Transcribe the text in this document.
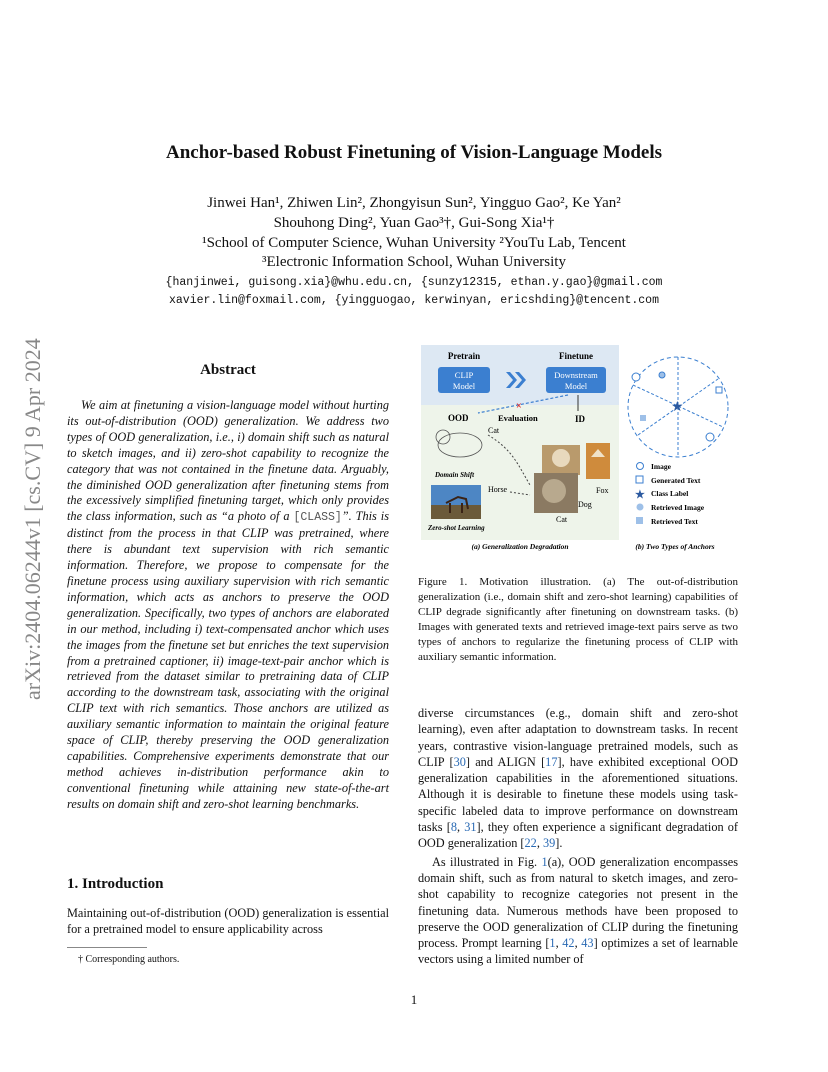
arXiv:2404.06244v1 [cs.CV] 9 Apr 2024
Anchor-based Robust Finetuning of Vision-Language Models
Jinwei Han¹, Zhiwen Lin², Zhongyisun Sun², Yingguo Gao², Ke Yan²
Shouhong Ding², Yuan Gao³†, Gui-Song Xia¹†
¹School of Computer Science, Wuhan University ²YouTu Lab, Tencent
³Electronic Information School, Wuhan University
{hanjinwei, guisong.xia}@whu.edu.cn, {sunzy12315, ethan.y.gao}@gmail.com
xavier.lin@foxmail.com, {yingguogao, kerwinyan, ericshding}@tencent.com
Abstract
We aim at finetuning a vision-language model without hurting its out-of-distribution (OOD) generalization. We address two types of OOD generalization, i.e., i) domain shift such as natural to sketch images, and ii) zero-shot capability to recognize the category that was not contained in the finetune data. Arguably, the diminished OOD generalization after finetuning stems from the excessively simplified finetuning target, which only provides the class information, such as “a photo of a [CLASS]”. This is distinct from the process in that CLIP was pretrained, where there is abundant text supervision with rich semantic information. Therefore, we propose to compensate for the finetune process using auxiliary supervision with rich semantic information, which acts as anchors to preserve the OOD generalization. Specifically, two types of anchors are elaborated in our method, including i) text-compensated anchor which uses the images from the finetune set but enriches the text supervision from a pretrained captioner, ii) image-text-pair anchor which is retrieved from the dataset similar to pretraining data of CLIP according to the downstream task, associating with the original CLIP text with rich semantics. Those anchors are utilized as auxiliary semantic information to maintain the original feature space of CLIP, thereby preserving the OOD generalization capabilities. Comprehensive experiments demonstrate that our method achieves in-distribution performance akin to conventional finetuning while attaining new state-of-the-art results on domain shift and zero-shot learning benchmarks.
1. Introduction
Maintaining out-of-distribution (OOD) generalization is essential for a pretrained model to ensure applicability across
† Corresponding authors.
Pretrain	Finetune
CLIP
Model
Downstream
Model
×
OOD	Evaluation	ID
Cat
Domain Shift
Horse	Fox
Dog
Cat
Zero-shot Learning
(a) Generalization Degradation
★
Image
Generated Text
★ Class Label
Retrieved Image
Retrieved Text
(b) Two Types of Anchors
Figure 1. Motivation illustration. (a) The out-of-distribution generalization (i.e., domain shift and zero-shot learning) capabilities of CLIP degrade significantly after finetuning on downstream tasks. (b) Images with generated texts and retrieved image-text pairs serve as two types of anchors to regularize the finetuning process of CLIP with auxiliary semantic information.
diverse circumstances (e.g., domain shift and zero-shot learning), even after adaptation to downstream tasks. In recent years, contrastive vision-language pretrained models, such as CLIP [30] and ALIGN [17], have exhibited exceptional OOD generalization capabilities in the aforementioned situations. Although it is desirable to finetune these models using task-specific labeled data to improve performance on downstream tasks [8, 31], they often experience a significant degradation of OOD generalization [22, 39].
As illustrated in Fig. 1(a), OOD generalization encompasses domain shift, such as from natural to sketch images, and zero-shot capability to recognize categories not present in the finetuning data. Numerous methods have been proposed to preserve the OOD generalization of CLIP during the finetuning process. Prompt learning [1, 42, 43] optimizes a set of learnable vectors using a limited number of
1
